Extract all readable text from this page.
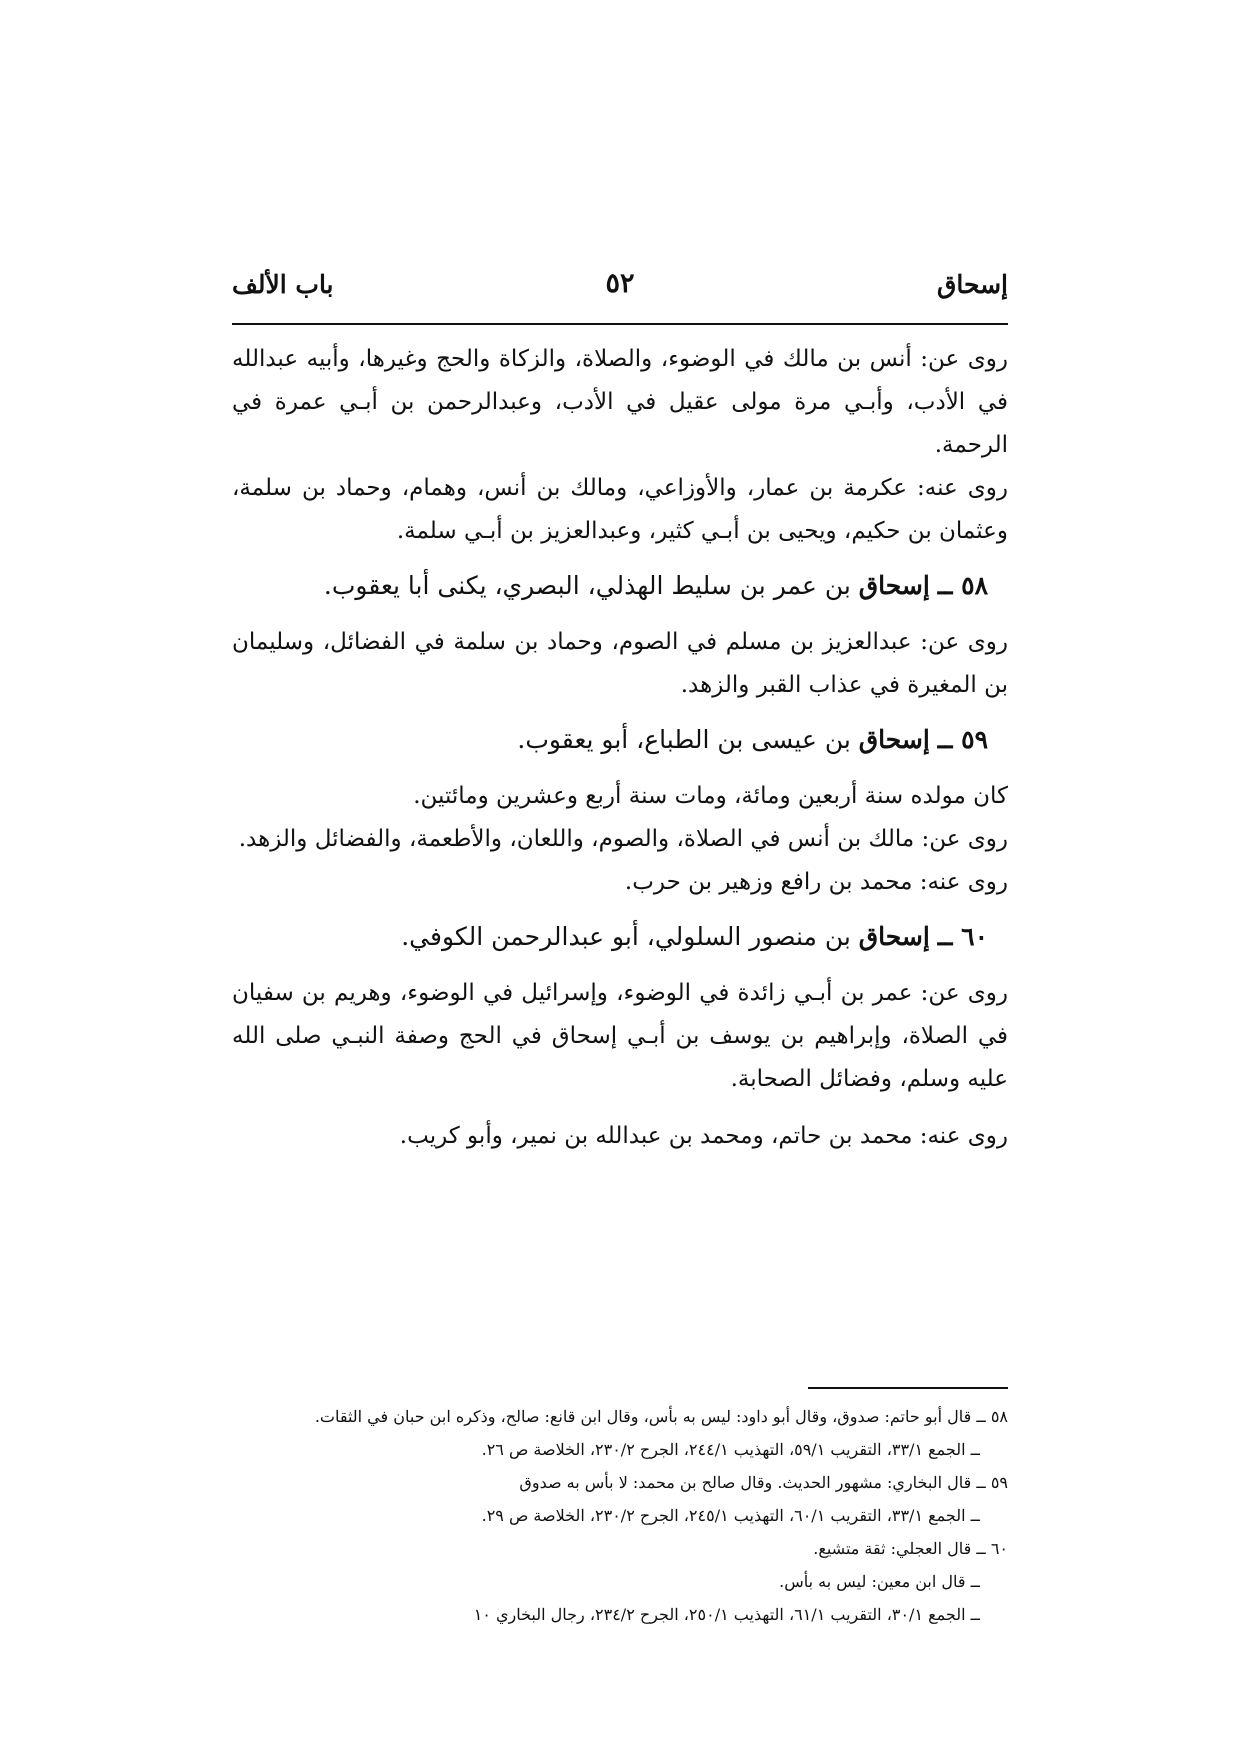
إسحاق
٥٢
باب الألف

روى عن: أنس بن مالك في الوضوء، والصلاة، والزكاة والحج وغيرها، وأبيه عبدالله في الأدب، وأبـي مرة مولى عقيل في الأدب، وعبدالرحمن بن أبـي عمرة في الرحمة.

روى عنه: عكرمة بن عمار، والأوزاعي، ومالك بن أنس، وهمام، وحماد بن سلمة، وعثمان بن حكيم، ويحيى بن أبـي كثير، وعبدالعزيز بن أبـي سلمة.

٥٨ ــ إسحاق بن عمر بن سليط الهذلي، البصري، يكنى أبا يعقوب.

روى عن: عبدالعزيز بن مسلم في الصوم، وحماد بن سلمة في الفضائل، وسليمان بن المغيرة في عذاب القبر والزهد.

٥٩ ــ إسحاق بن عيسى بن الطباع، أبو يعقوب.

كان مولده سنة أربعين ومائة، ومات سنة أربع وعشرين ومائتين.

روى عن: مالك بن أنس في الصلاة، والصوم، واللعان، والأطعمة، والفضائل والزهد.

روى عنه: محمد بن رافع وزهير بن حرب.

٦٠ ــ إسحاق بن منصور السلولي، أبو عبدالرحمن الكوفي.

روى عن: عمر بن أبـي زائدة في الوضوء، وإسرائيل في الوضوء، وهريم بن سفيان في الصلاة، وإبراهيم بن يوسف بن أبـي إسحاق في الحج وصفة النبـي صلى الله عليه وسلم، وفضائل الصحابة.

روى عنه: محمد بن حاتم، ومحمد بن عبدالله بن نمير، وأبو كريب.

٥٨ ــ قال أبو حاتم: صدوق، وقال أبو داود: ليس به بأس، وقال ابن قانع: صالح، وذكره ابن حبان في الثقات.

ــ الجمع ٣٣/١، التقريب ٥٩/١، التهذيب ٢٤٤/١، الجرح ٢٣٠/٢، الخلاصة ص ٢٦.

٥٩ ــ قال البخاري: مشهور الحديث. وقال صالح بن محمد: لا بأس به صدوق

ــ الجمع ٣٣/١، التقريب ٦٠/١، التهذيب ٢٤٥/١، الجرح ٢٣٠/٢، الخلاصة ص ٢٩.

٦٠ ــ قال العجلي: ثقة متشيع.

ــ قال ابن معين: ليس به بأس.

ــ الجمع ٣٠/١، التقريب ٦١/١، التهذيب ٢٥٠/١، الجرح ٢٣٤/٢، رجال البخاري ١٠
